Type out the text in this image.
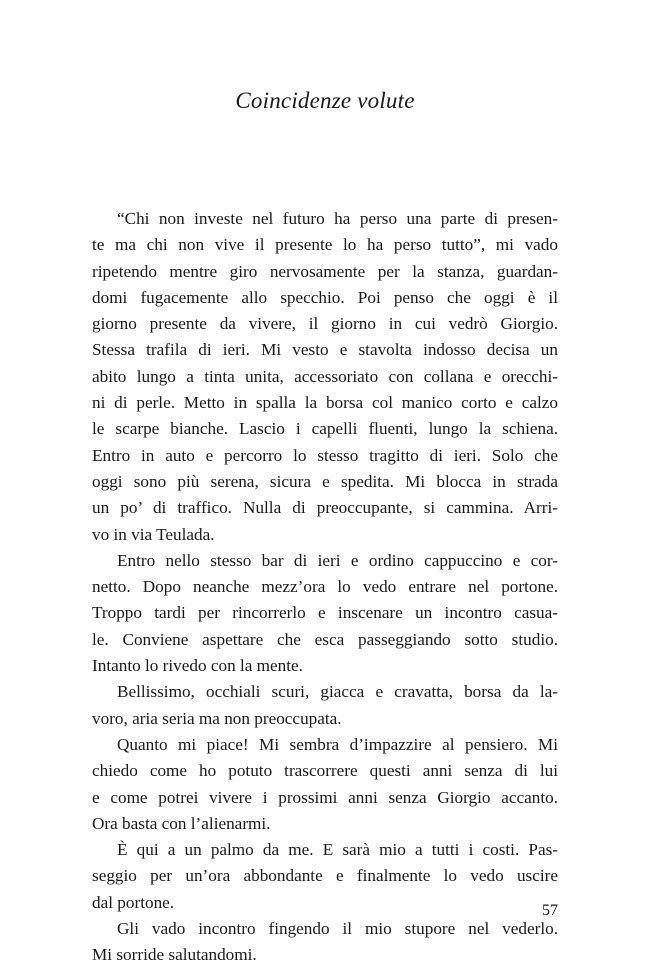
Coincidenze volute
“Chi non investe nel futuro ha perso una parte di presen-
te ma chi non vive il presente lo ha perso tutto”, mi vado
ripetendo mentre giro nervosamente per la stanza, guardan-
domi fugacemente allo specchio. Poi penso che oggi è il
giorno presente da vivere, il giorno in cui vedrò Giorgio.
Stessa trafila di ieri. Mi vesto e stavolta indosso decisa un
abito lungo a tinta unita, accessoriato con collana e orecchi-
ni di perle. Metto in spalla la borsa col manico corto e calzo
le scarpe bianche. Lascio i capelli fluenti, lungo la schiena.
Entro in auto e percorro lo stesso tragitto di ieri. Solo che
oggi sono più serena, sicura e spedita. Mi blocca in strada
un po’ di traffico. Nulla di preoccupante, si cammina. Arri-
vo in via Teulada.
Entro nello stesso bar di ieri e ordino cappuccino e cor-
netto. Dopo neanche mezz’ora lo vedo entrare nel portone.
Troppo tardi per rincorrerlo e inscenare un incontro casua-
le. Conviene aspettare che esca passeggiando sotto studio.
Intanto lo rivedo con la mente.
Bellissimo, occhiali scuri, giacca e cravatta, borsa da la-
voro, aria seria ma non preoccupata.
Quanto mi piace! Mi sembra d’impazzire al pensiero. Mi
chiedo come ho potuto trascorrere questi anni senza di lui
e come potrei vivere i prossimi anni senza Giorgio accanto.
Ora basta con l’alienarmi.
È qui a un palmo da me. E sarà mio a tutti i costi. Pas-
seggio per un’ora abbondante e finalmente lo vedo uscire
dal portone.
Gli vado incontro fingendo il mio stupore nel vederlo.
Mi sorride salutandomi.
57
